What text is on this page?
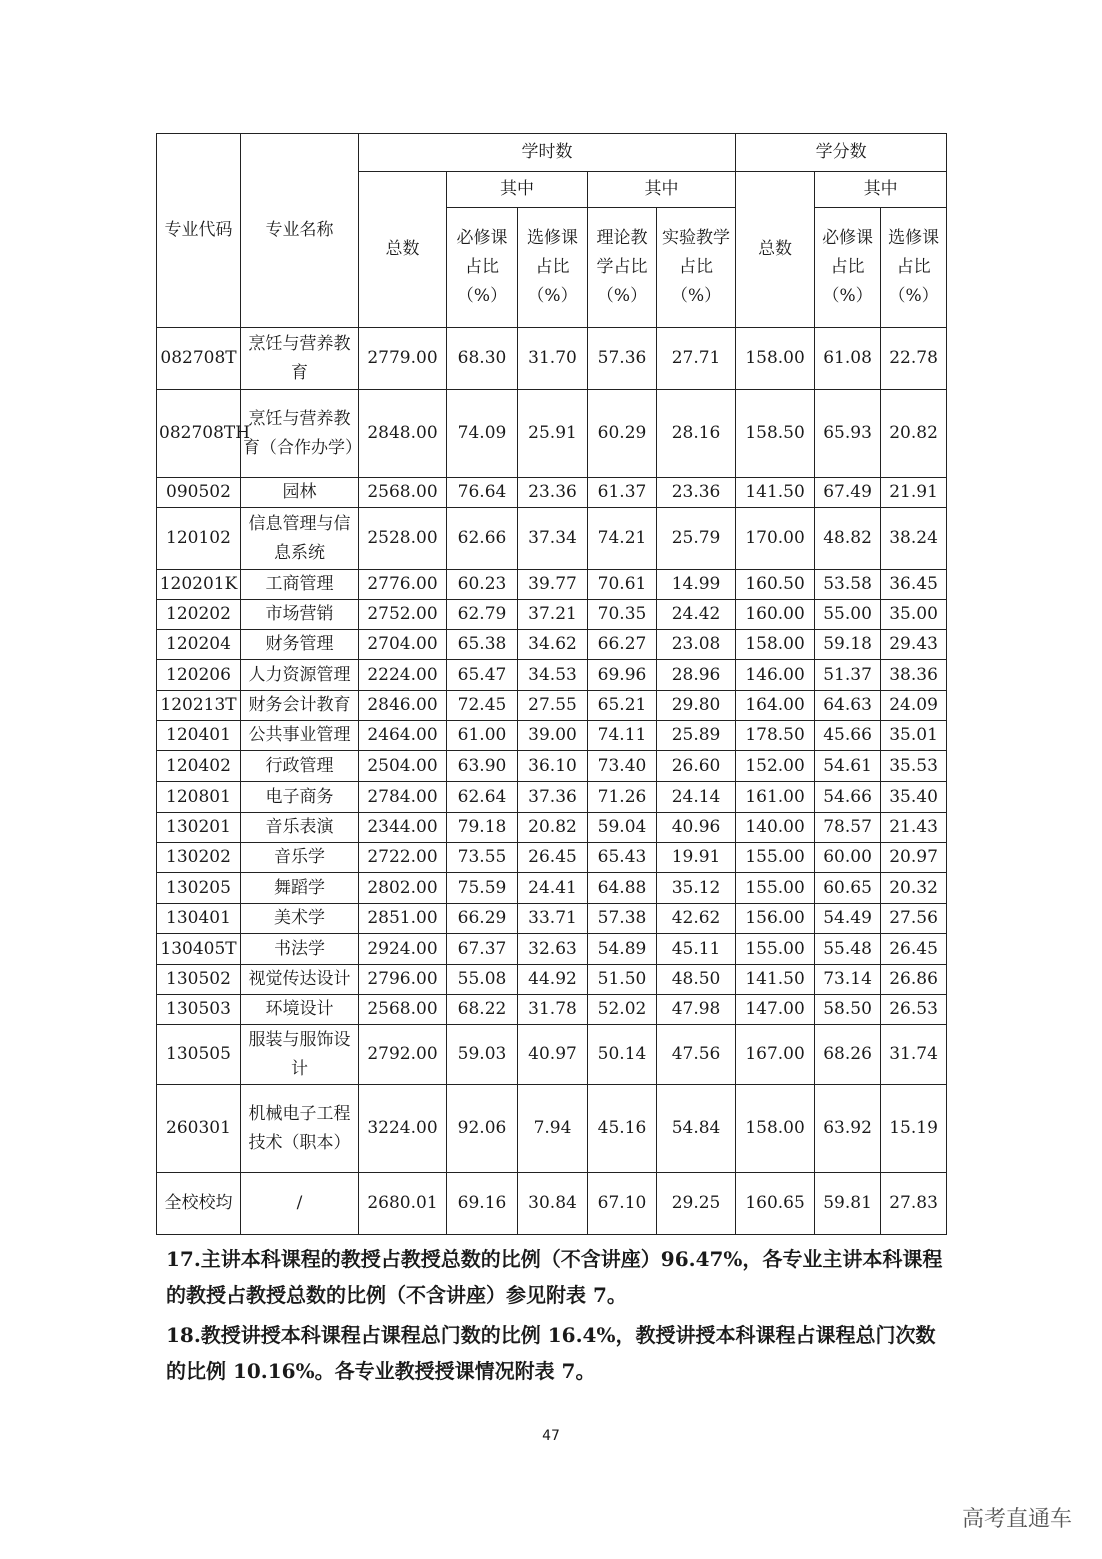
专业代码	专业名称	学时数					学分数		
		总数	其中		其中		总数	其中	
			必修课占比（%）	选修课占比（%）	理论教学占比（%）	实验教学占比（%）		必修课占比（%）	选修课占比（%）
082708T	烹饪与营养教育	2779.00	68.30	31.70	57.36	27.71	158.00	61.08	22.78
082708TH	烹饪与营养教育（合作办学）	2848.00	74.09	25.91	60.29	28.16	158.50	65.93	20.82
090502	园林	2568.00	76.64	23.36	61.37	23.36	141.50	67.49	21.91
120102	信息管理与信息系统	2528.00	62.66	37.34	74.21	25.79	170.00	48.82	38.24
120201K	工商管理	2776.00	60.23	39.77	70.61	14.99	160.50	53.58	36.45
120202	市场营销	2752.00	62.79	37.21	70.35	24.42	160.00	55.00	35.00
120204	财务管理	2704.00	65.38	34.62	66.27	23.08	158.00	59.18	29.43
120206	人力资源管理	2224.00	65.47	34.53	69.96	28.96	146.00	51.37	38.36
120213T	财务会计教育	2846.00	72.45	27.55	65.21	29.80	164.00	64.63	24.09
120401	公共事业管理	2464.00	61.00	39.00	74.11	25.89	178.50	45.66	35.01
120402	行政管理	2504.00	63.90	36.10	73.40	26.60	152.00	54.61	35.53
120801	电子商务	2784.00	62.64	37.36	71.26	24.14	161.00	54.66	35.40
130201	音乐表演	2344.00	79.18	20.82	59.04	40.96	140.00	78.57	21.43
130202	音乐学	2722.00	73.55	26.45	65.43	19.91	155.00	60.00	20.97
130205	舞蹈学	2802.00	75.59	24.41	64.88	35.12	155.00	60.65	20.32
130401	美术学	2851.00	66.29	33.71	57.38	42.62	156.00	54.49	27.56
130405T	书法学	2924.00	67.37	32.63	54.89	45.11	155.00	55.48	26.45
130502	视觉传达设计	2796.00	55.08	44.92	51.50	48.50	141.50	73.14	26.86
130503	环境设计	2568.00	68.22	31.78	52.02	47.98	147.00	58.50	26.53
130505	服装与服饰设计	2792.00	59.03	40.97	50.14	47.56	167.00	68.26	31.74
260301	机械电子工程技术（职本）	3224.00	92.06	7.94	45.16	54.84	158.00	63.92	15.19
全校校均	/	2680.01	69.16	30.84	67.10	29.25	160.65	59.81	27.83
17.主讲本科课程的教授占教授总数的比例（不含讲座）96.47%，各专业主讲本科课程的教授占教授总数的比例（不含讲座）参见附表 7。
18.教授讲授本科课程占课程总门数的比例 16.4%，教授讲授本科课程占课程总门次数的比例 10.16%。各专业教授授课情况附表 7。
47
高考直通车
